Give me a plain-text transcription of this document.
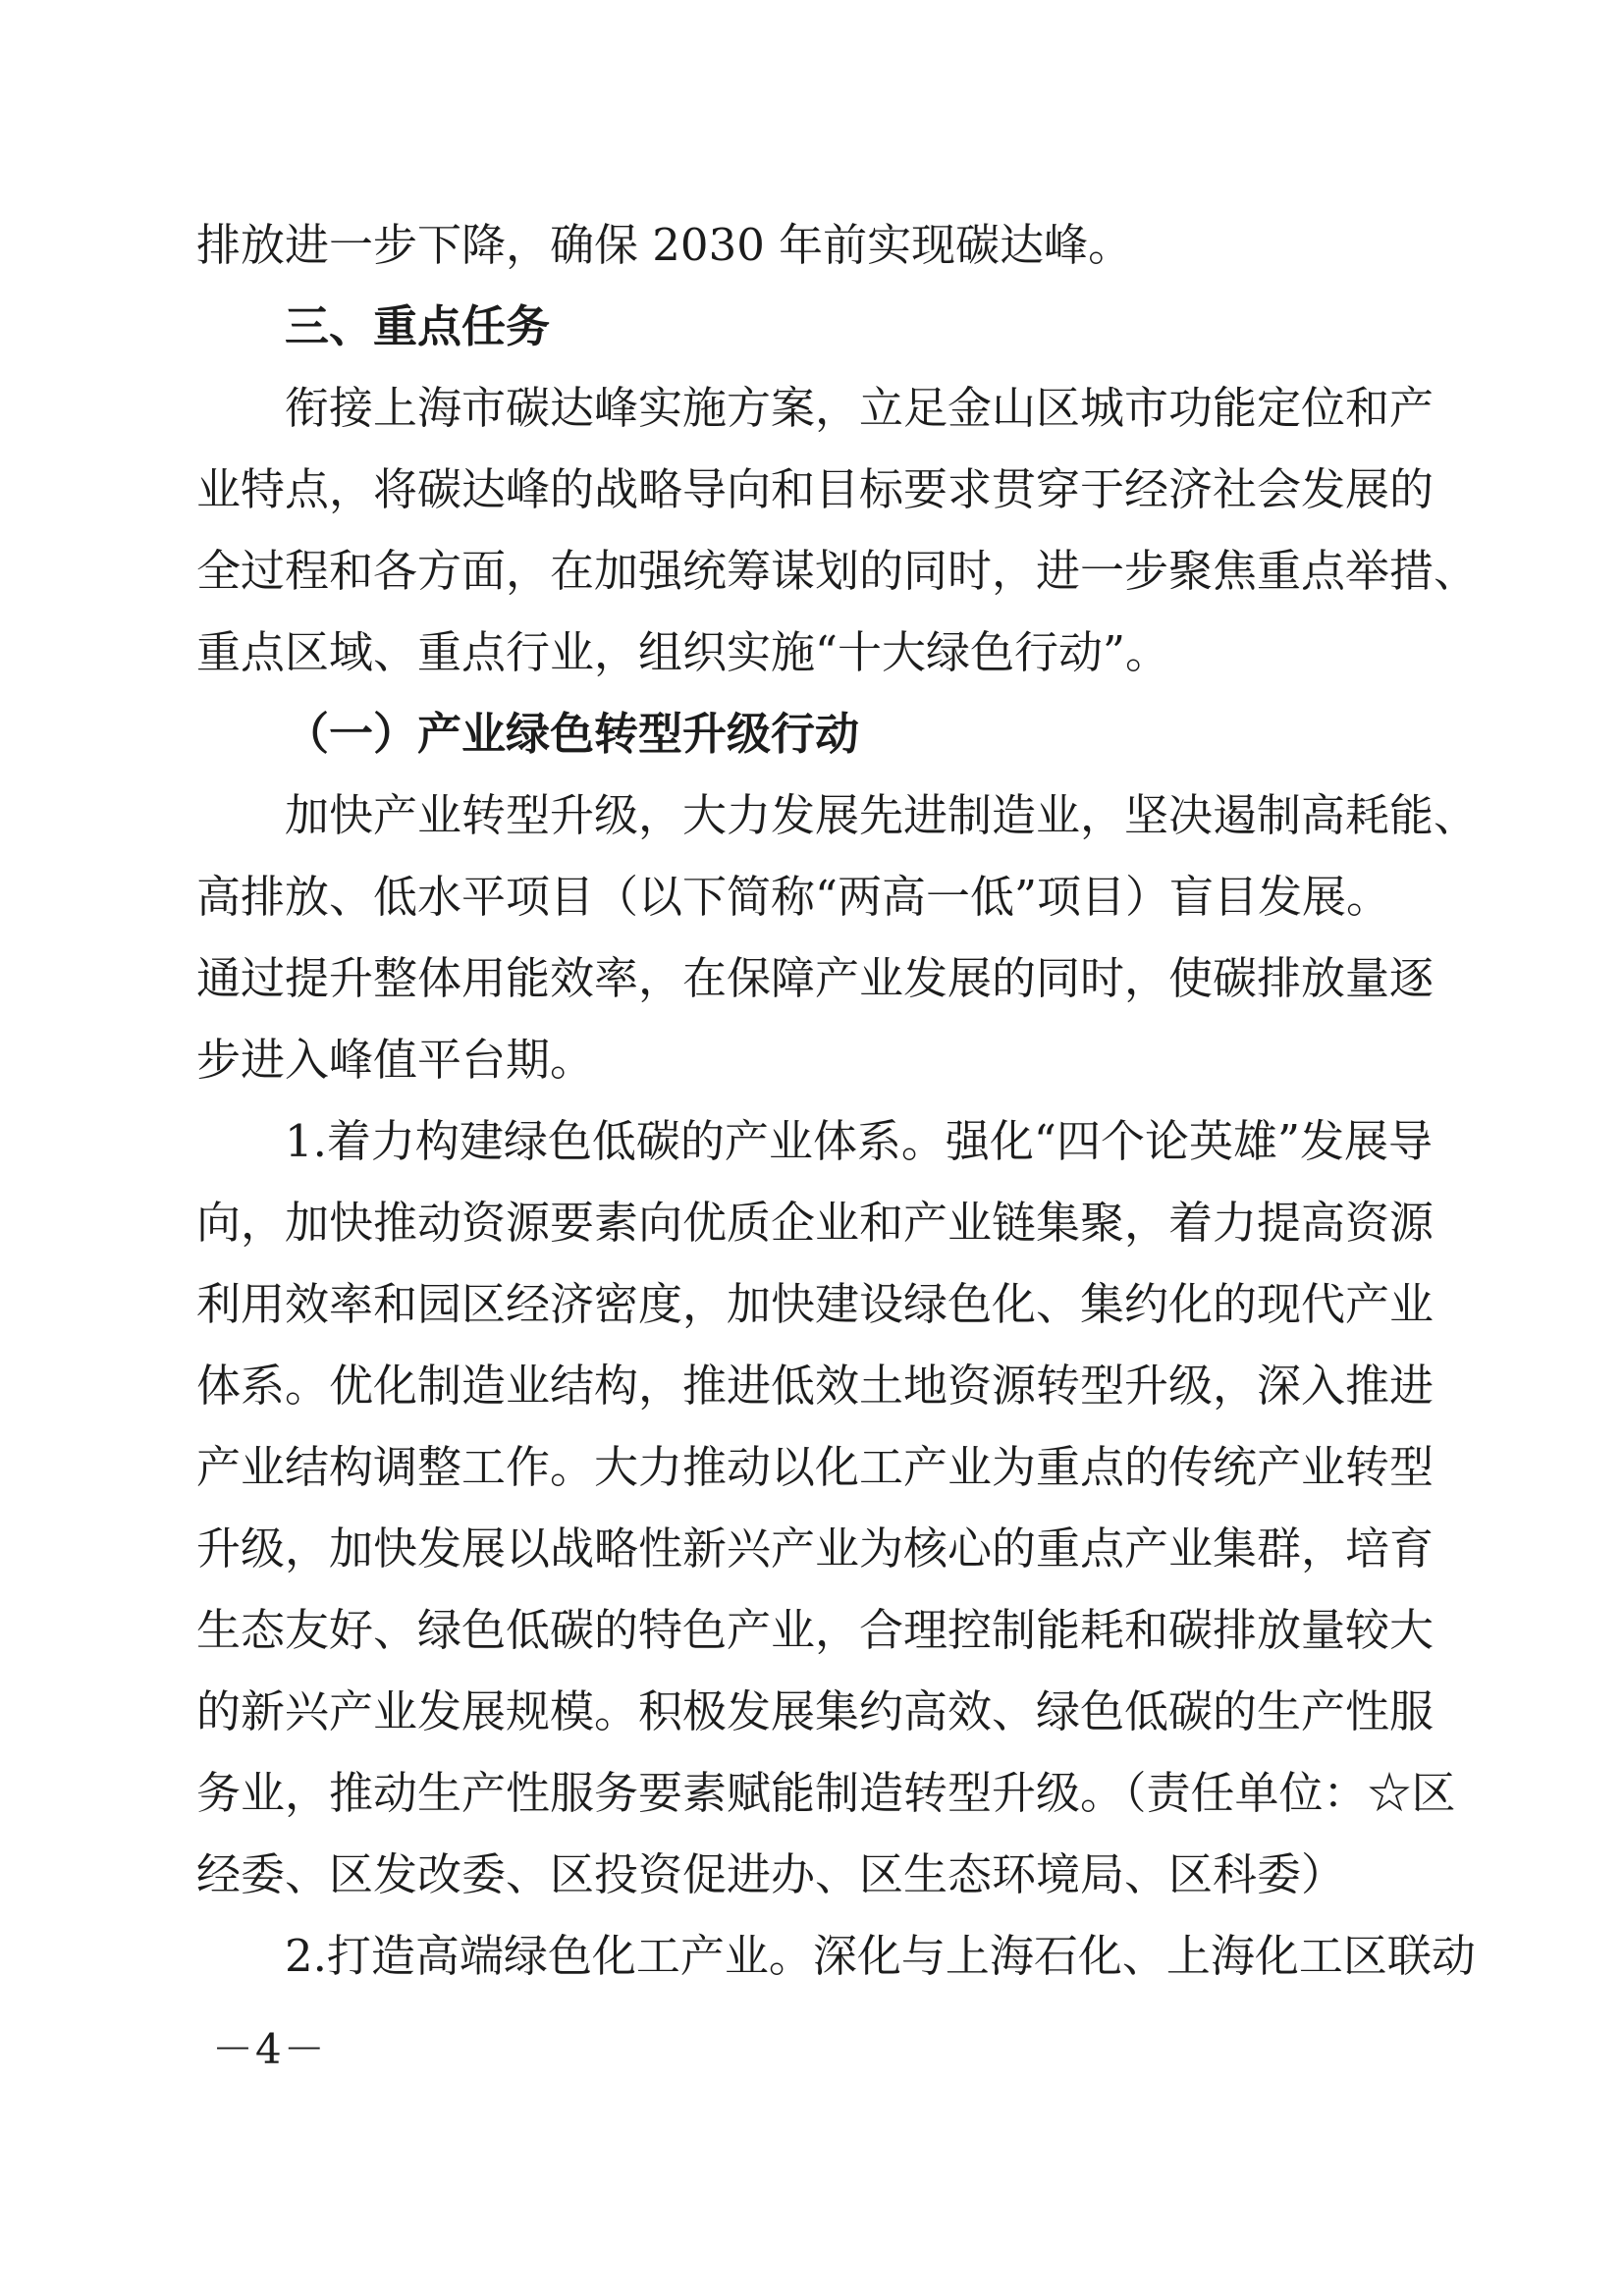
排放进一步下降，确保 2030 年前实现碳达峰。
三、重点任务
衔接上海市碳达峰实施方案，立足金山区城市功能定位和产
业特点，将碳达峰的战略导向和目标要求贯穿于经济社会发展的
全过程和各方面，在加强统筹谋划的同时，进一步聚焦重点举措、
重点区域、重点行业，组织实施“十大绿色行动”。
（一）产业绿色转型升级行动
加快产业转型升级，大力发展先进制造业，坚决遏制高耗能、
高排放、低水平项目（以下简称“两高一低”项目）盲目发展。
通过提升整体用能效率，在保障产业发展的同时，使碳排放量逐
步进入峰值平台期。
1.着力构建绿色低碳的产业体系。强化“四个论英雄”发展导
向，加快推动资源要素向优质企业和产业链集聚，着力提高资源
利用效率和园区经济密度，加快建设绿色化、集约化的现代产业
体系。优化制造业结构，推进低效土地资源转型升级，深入推进
产业结构调整工作。大力推动以化工产业为重点的传统产业转型
升级，加快发展以战略性新兴产业为核心的重点产业集群，培育
生态友好、绿色低碳的特色产业，合理控制能耗和碳排放量较大
的新兴产业发展规模。积极发展集约高效、绿色低碳的生产性服
务业，推动生产性服务要素赋能制造转型升级。（责任单位：☆区
经委、区发改委、区投资促进办、区生态环境局、区科委）
2.打造高端绿色化工产业。深化与上海石化、上海化工区联动
－4－
